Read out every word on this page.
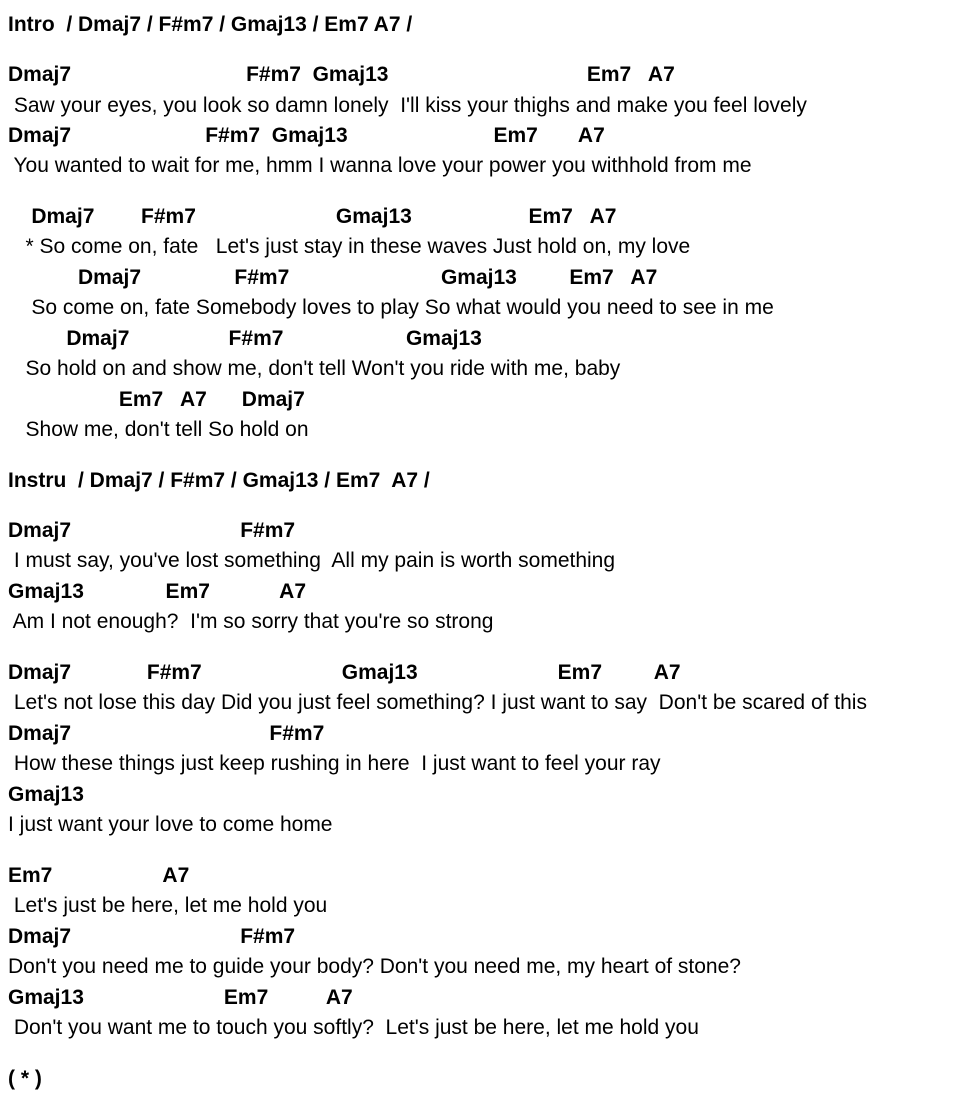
Intro  / Dmaj7 / F#m7 / Gmaj13 / Em7 A7 /
Dmaj7                              F#m7  Gmaj13                                  Em7   A7
Saw your eyes, you look so damn lonely  I'll kiss your thighs and make you feel lovely
Dmaj7                       F#m7  Gmaj13                         Em7       A7
You wanted to wait for me, hmm I wanna love your power you withhold from me
Dmaj7        F#m7                        Gmaj13                    Em7   A7
* So come on, fate   Let's just stay in these waves Just hold on, my love
Dmaj7                F#m7                          Gmaj13         Em7   A7
So come on, fate Somebody loves to play So what would you need to see in me
Dmaj7                 F#m7                     Gmaj13
So hold on and show me, don't tell Won't you ride with me, baby
Em7   A7      Dmaj7
Show me, don't tell So hold on
Instru  / Dmaj7 / F#m7 / Gmaj13 / Em7  A7 /
Dmaj7                             F#m7
I must say, you've lost something  All my pain is worth something
Gmaj13              Em7            A7
Am I not enough?  I'm so sorry that you're so strong
Dmaj7             F#m7                        Gmaj13                        Em7         A7
Let's not lose this day Did you just feel something? I just want to say  Don't be scared of this
Dmaj7                                  F#m7
How these things just keep rushing in here  I just want to feel your ray
Gmaj13
I just want your love to come home
Em7                   A7
Let's just be here, let me hold you
Dmaj7                             F#m7
Don't you need me to guide your body? Don't you need me, my heart of stone?
Gmaj13                        Em7          A7
Don't you want me to touch you softly?  Let's just be here, let me hold you
( * )
